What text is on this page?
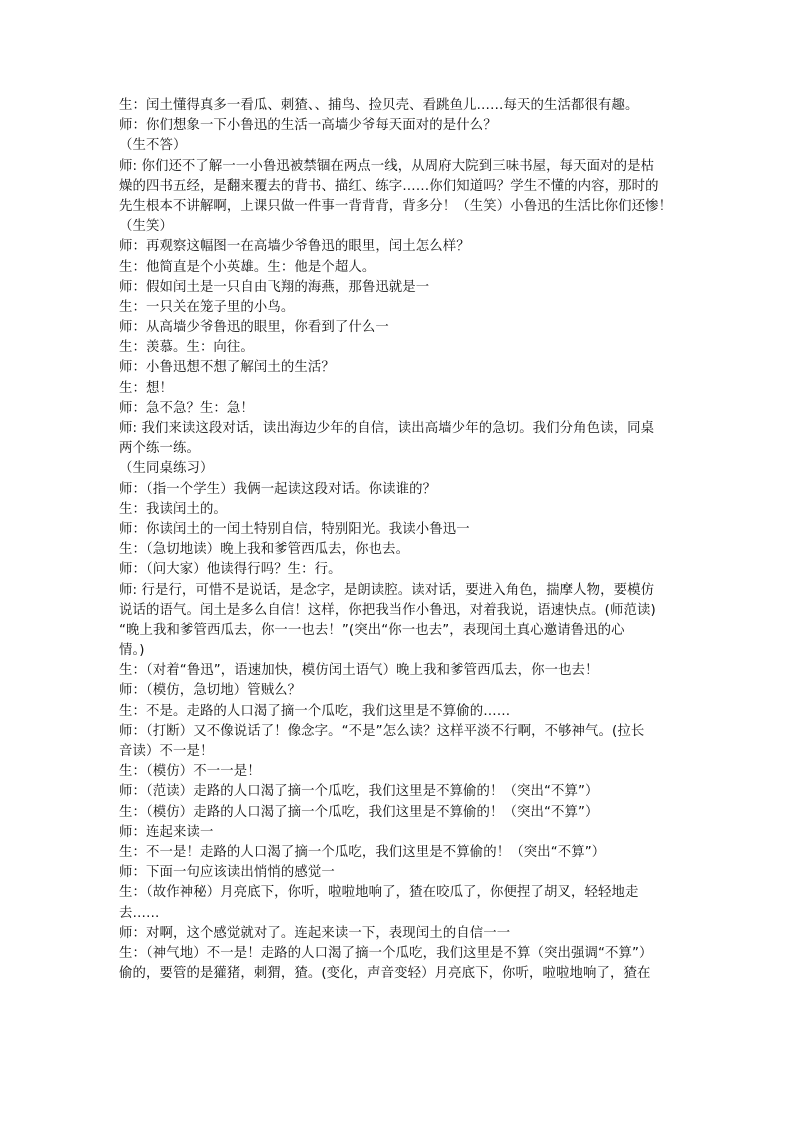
生：闰土懂得真多一看瓜、刺猹、、捕鸟、捡贝壳、看跳鱼儿……每天的生活都很有趣。
师：你们想象一下小鲁迅的生活一高墙少爷每天面对的是什么？
（生不答）
师: 你们还不了解一一小鲁迅被禁锢在两点一线，从周府大院到三味书屋，每天面对的是枯
燥的四书五经，是翻来覆去的背书、描红、练字……你们知道吗？学生不懂的内容，那时的
先生根本不讲解啊，上课只做一件事一背背背，背多分！（生笑）小鲁迅的生活比你们还惨！
（生笑）
师：再观察这幅图一在高墙少爷鲁迅的眼里，闰土怎么样？
生：他简直是个小英雄。生：他是个超人。
师：假如闰土是一只自由飞翔的海燕，那鲁迅就是一
生：一只关在笼子里的小鸟。
师：从高墙少爷鲁迅的眼里，你看到了什么一
生：羡慕。生：向往。
师：小鲁迅想不想了解闰土的生活？
生：想！
师：急不急？生：急！
师: 我们来读这段对话，读出海边少年的自信，读出高墙少年的急切。我们分角色读，同桌
两个练一练。
（生同桌练习）
师：（指一个学生）我俩一起读这段对话。你读谁的？
生：我读闰土的。
师：你读闰土的一闰土特别自信，特别阳光。我读小鲁迅一
生：（急切地读）晚上我和爹管西瓜去，你也去。
师：（问大家）他读得行吗？生：行。
师: 行是行，可惜不是说话，是念字，是朗读腔。读对话，要进入角色，揣摩人物，要模仿
说话的语气。闰土是多么自信！这样，你把我当作小鲁迅，对着我说，语速快点。(师范读)
“晚上我和爹管西瓜去，你一一也去！”(突出“你一也去”，表现闰土真心邀请鲁迅的心
情。)
生：（对着“鲁迅”，语速加快，模仿闰土语气）晚上我和爹管西瓜去，你一也去！
师：（模仿，急切地）管贼么？
生：不是。走路的人口渴了摘一个瓜吃，我们这里是不算偷的……
师：（打断）又不像说话了！像念字。“不是”怎么读？这样平淡不行啊，不够神气。(拉长
音读）不一是！
生：（模仿）不一一是！
师：（范读）走路的人口渴了摘一个瓜吃，我们这里是不算偷的！（突出“不算”）
生：（模仿）走路的人口渴了摘一个瓜吃，我们这里是不算偷的！（突出“不算”）
师：连起来读一
生：不一是！走路的人口渴了摘一个瓜吃，我们这里是不算偷的！（突出“不算”）
师：下面一句应该读出悄悄的感觉一
生：（故作神秘）月亮底下，你听，啦啦地响了，猹在咬瓜了，你便捏了胡叉，轻轻地走
去……
师：对啊，这个感觉就对了。连起来读一下，表现闰土的自信一一
生：（神气地）不一是！走路的人口渴了摘一个瓜吃，我们这里是不算（突出强调“不算”）
偷的，要管的是獾猪，刺猬，猹。(变化，声音变轻）月亮底下，你听，啦啦地响了，猹在
